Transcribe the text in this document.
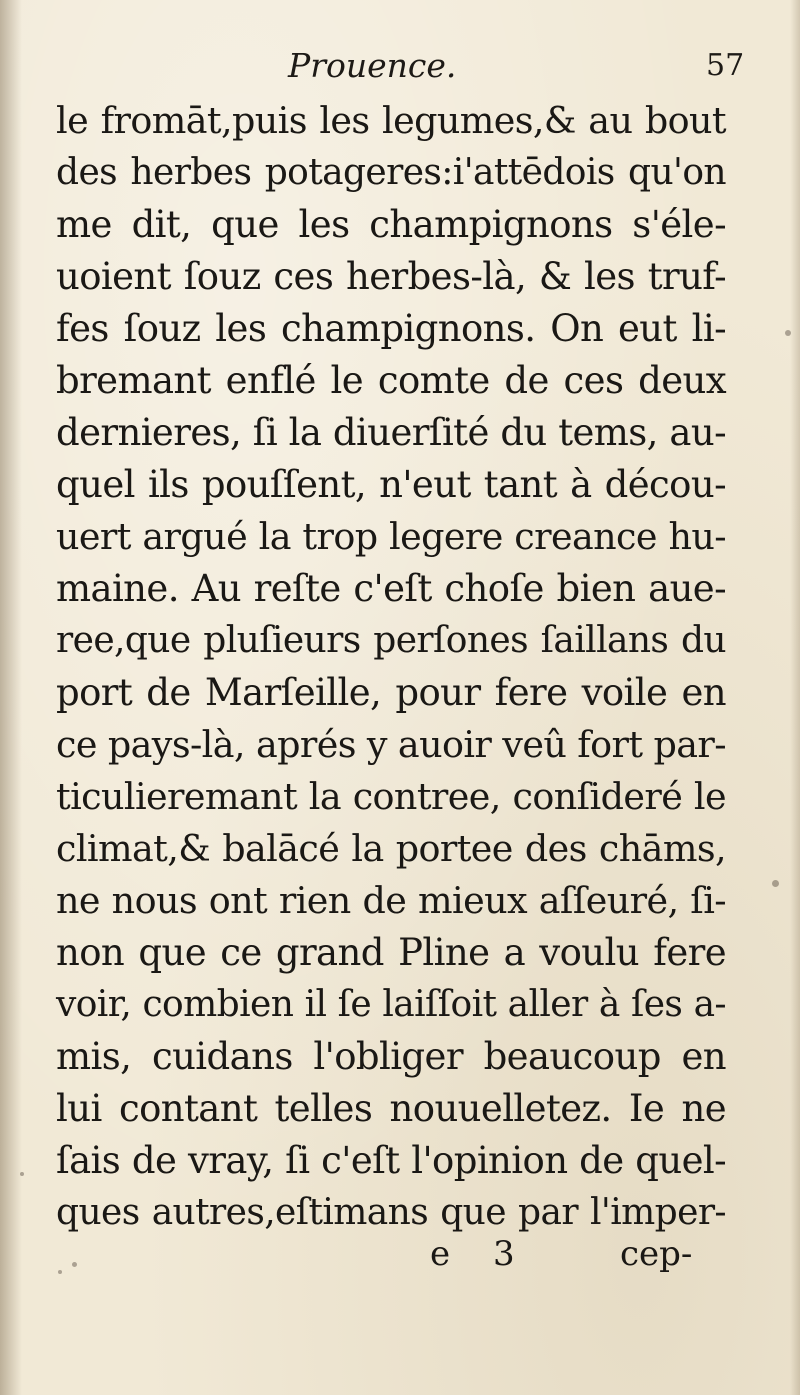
Prouence.	57
le fromāt,puis les legumes,& au bout
des herbes potageres:i'attēdois qu'on
me dit, que les champignons s'éle-
uoient ſouz ces herbes-là, & les truf-
fes ſouz les champignons. On eut li-
bremant enflé le comte de ces deux
dernieres, ſi la diuerſité du tems, au-
quel ils pouſſent, n'eut tant à décou-
uert argué la trop legere creance hu-
maine. Au reſte c'eſt choſe bien aue-
ree,que pluſieurs perſones ſaillans du
port de Marſeille, pour fere voile en
ce pays-là, aprés y auoir veû fort par-
ticulieremant la contree, conſideré le
climat,& balācé la portee des chāms,
ne nous ont rien de mieux aſſeuré, ſi-
non que ce grand Pline a voulu fere
voir, combien il ſe laiſſoit aller à ſes a-
mis, cuidans l'obliger beaucoup en
lui contant telles nouuelletez. Ie ne
ſais de vray, ſi c'eſt l'opinion de quel-
ques autres,eſtimans que par l'imper-
e 3	cep-
